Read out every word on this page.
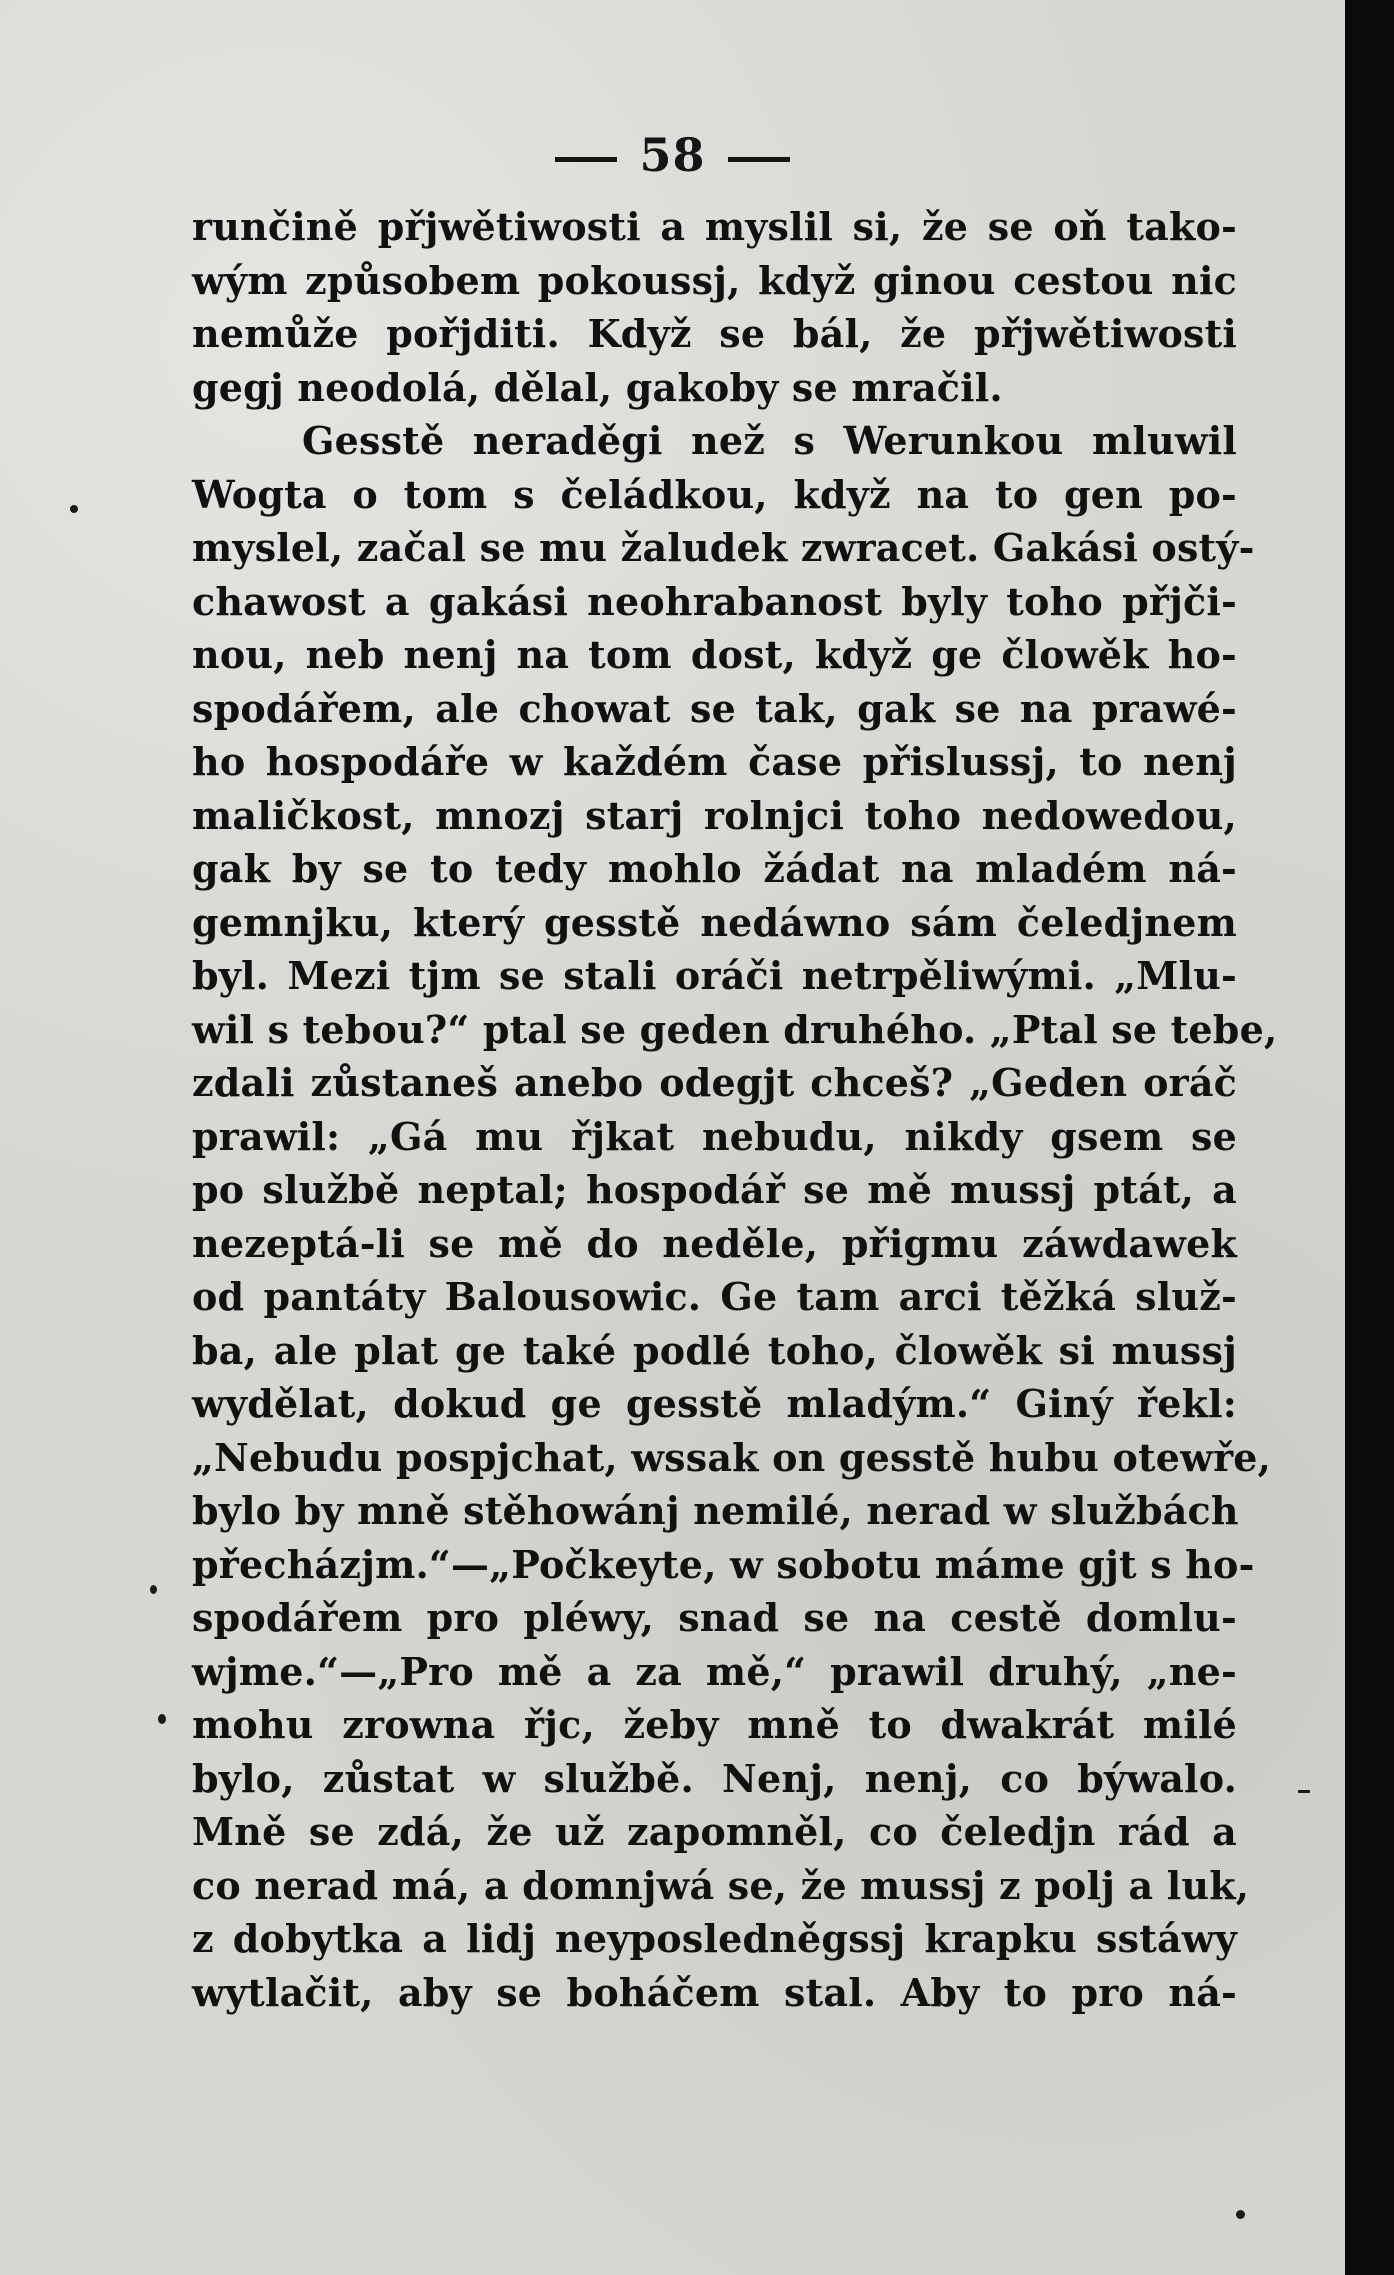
58
runčině přjwětiwosti a myslil si, že se oň tako-
wým způsobem pokoussj, když ginou cestou nic
nemůže pořjditi. Když se bál, že přjwětiwosti
gegj neodolá, dělal, gakoby se mračil.
Gesstě neraděgi než s Werunkou mluwil
Wogta o tom s čeládkou, když na to gen po-
myslel, začal se mu žaludek zwracet. Gakási ostý-
chawost a gakási neohrabanost byly toho přjči-
nou, neb nenj na tom dost, když ge člowěk ho-
spodářem, ale chowat se tak, gak se na prawé-
ho hospodáře w každém čase přislussj, to nenj
maličkost, mnozj starj rolnjci toho nedowedou,
gak by se to tedy mohlo žádat na mladém ná-
gemnjku, který gesstě nedáwno sám čeledjnem
byl. Mezi tjm se stali oráči netrpěliwými. „Mlu-
wil s tebou?“ ptal se geden druhého. „Ptal se tebe,
zdali zůstaneš anebo odegjt chceš? „Geden oráč
prawil: „Gá mu řjkat nebudu, nikdy gsem se
po službě neptal; hospodář se mě mussj ptát, a
nezeptá-li se mě do neděle, přigmu záwdawek
od pantáty Balousowic. Ge tam arci těžká služ-
ba, ale plat ge také podlé toho, člowěk si mussj
wydělat, dokud ge gesstě mladým.“ Giný řekl:
„Nebudu pospjchat, wssak on gesstě hubu otewře,
bylo by mně stěhowánj nemilé, nerad w službách
přecházjm.“—„Počkeyte, w sobotu máme gjt s ho-
spodářem pro pléwy, snad se na cestě domlu-
wjme.“—„Pro mě a za mě,“ prawil druhý, „ne-
mohu zrowna řjc, žeby mně to dwakrát milé
bylo, zůstat w službě. Nenj, nenj, co býwalo.
Mně se zdá, že už zapomněl, co čeledjn rád a
co nerad má, a domnjwá se, že mussj z polj a luk,
z dobytka a lidj neyposledněgssj krapku sstáwy
wytlačit, aby se boháčem stal. Aby to pro ná-
